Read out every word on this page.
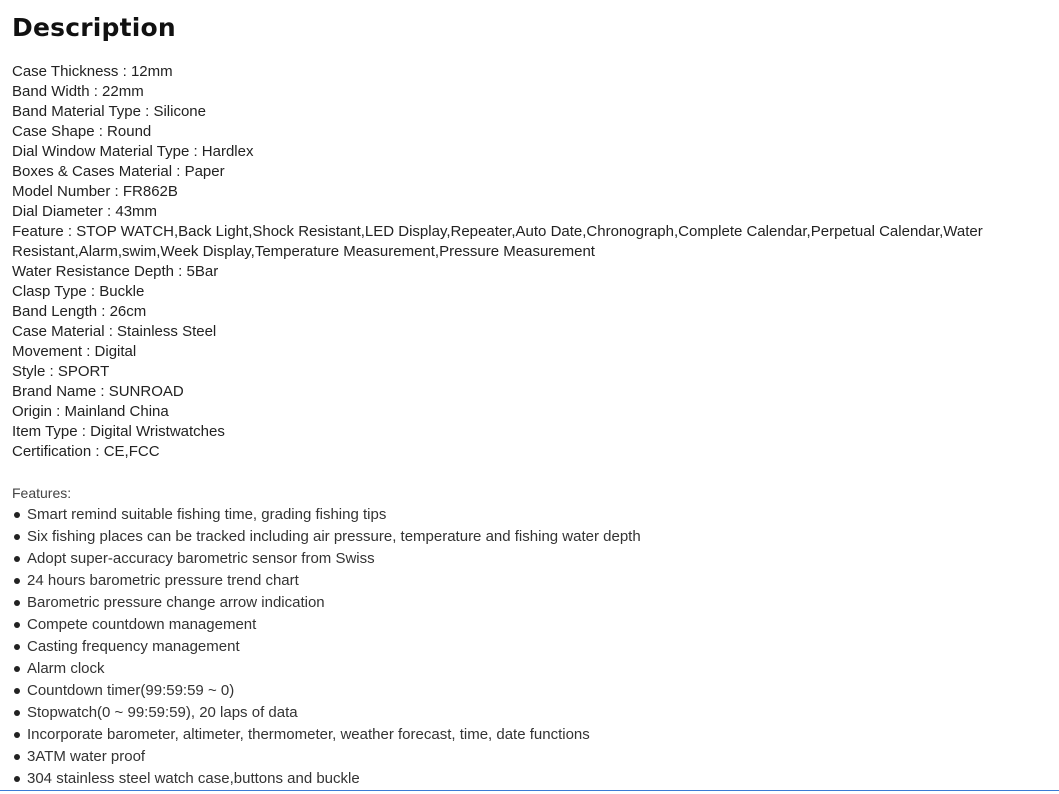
Description
Case Thickness : 12mm
Band Width : 22mm
Band Material Type : Silicone
Case Shape : Round
Dial Window Material Type : Hardlex
Boxes & Cases Material : Paper
Model Number : FR862B
Dial Diameter : 43mm
Feature : STOP WATCH,Back Light,Shock Resistant,LED Display,Repeater,Auto Date,Chronograph,Complete Calendar,Perpetual Calendar,Water Resistant,Alarm,swim,Week Display,Temperature Measurement,Pressure Measurement
Water Resistance Depth : 5Bar
Clasp Type : Buckle
Band Length : 26cm
Case Material : Stainless Steel
Movement : Digital
Style : SPORT
Brand Name : SUNROAD
Origin : Mainland China
Item Type : Digital Wristwatches
Certification : CE,FCC
Features:
Smart remind suitable fishing time, grading fishing tips
Six fishing places can be tracked including air pressure, temperature and fishing water depth
Adopt super-accuracy barometric sensor from Swiss
24 hours barometric pressure trend chart
Barometric pressure change arrow indication
Compete countdown management
Casting frequency management
Alarm clock
Countdown timer(99:59:59 ~ 0)
Stopwatch(0 ~ 99:59:59), 20 laps of data
Incorporate barometer, altimeter, thermometer, weather forecast, time, date functions
3ATM water proof
304 stainless steel watch case,buttons and buckle
